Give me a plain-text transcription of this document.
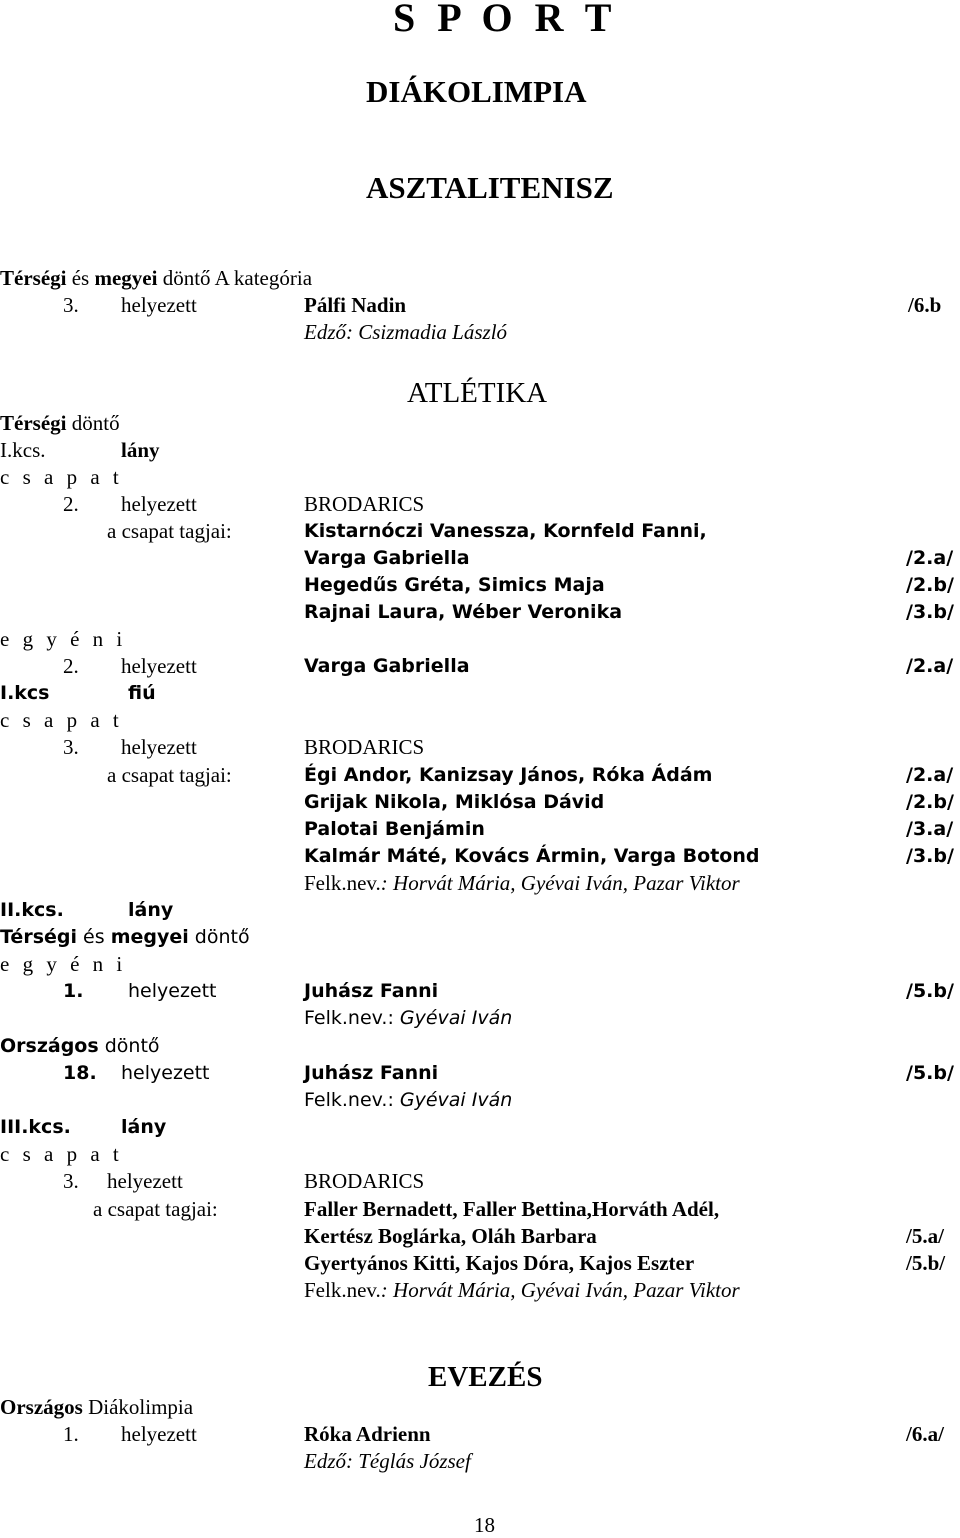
S P O R T
DIÁKOLIMPIA
ASZTALITENISZ
Térségi és megyei döntő A kategória
3. helyezett	Pálfi Nadin	/6.b
Edző: Csizmadia László
ATLÉTIKA
Térségi döntő
I.kcs.	lány
c s a p a t
2. helyezett	BRODARICS
a csapat tagjai:	Kistarnóczi Vanessza, Kornfeld Fanni,
Varga Gabriella	/2.a/
Hegedűs Gréta, Simics Maja	/2.b/
Rajnai Laura, Wéber Veronika	/3.b/
e g y é n i
2. helyezett	Varga Gabriella	/2.a/
I.kcs	fiú
c s a p a t
3. helyezett	BRODARICS
a csapat tagjai:	Égi Andor, Kanizsay János, Róka Ádám	/2.a/
Grijak Nikola, Miklósa Dávid	/2.b/
Palotai Benjámin	/3.a/
Kalmár Máté, Kovács Ármin, Varga Botond	/3.b/
Felk.nev.: Horvát Mária, Gyévai Iván, Pazar Viktor
II.kcs.	lány
Térségi és megyei döntő
e g y é n i
1. helyezett	Juhász Fanni	/5.b/
Felk.nev.: Gyévai Iván
Országos döntő
18. helyezett	Juhász Fanni	/5.b/
Felk.nev.: Gyévai Iván
III.kcs.	lány
c s a p a t
3. helyezett	BRODARICS
a csapat tagjai:	Faller Bernadett, Faller Bettina,Horváth Adél,
Kertész Boglárka, Oláh Barbara	/5.a/
Gyertyános Kitti, Kajos Dóra, Kajos Eszter	/5.b/
Felk.nev.: Horvát Mária, Gyévai Iván, Pazar Viktor
EVEZÉS
Országos Diákolimpia
1. helyezett	Róka Adrienn	/6.a/
Edző: Téglás József
18
